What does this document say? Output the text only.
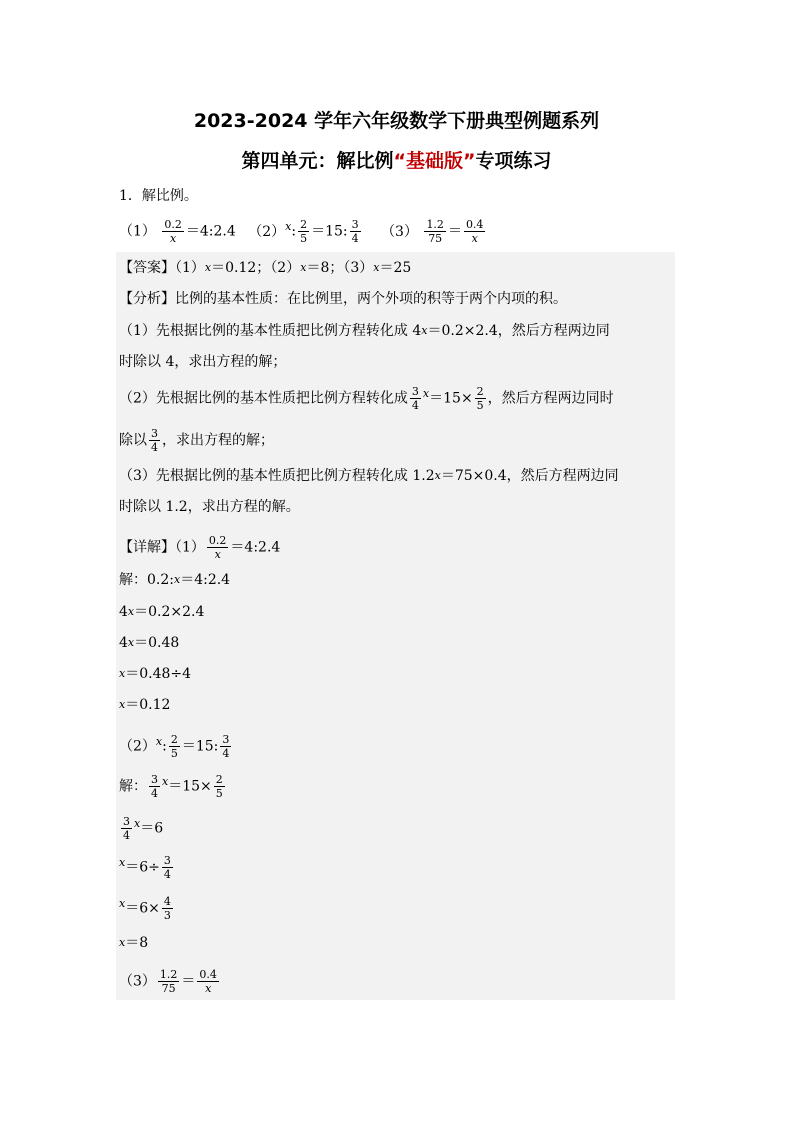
2023-2024 学年六年级数学下册典型例题系列
第四单元：解比例“基础版”专项练习
1．解比例。
$(1) \frac{0.2}{x}$ ＝4:2.4 $(2)^x$: $\frac{2}{5} =15$: $\frac{3}{4} (3) \frac{1.2}{75} = \frac{0.4}{x}$
【答案】$(1)^x=0.12$；$(2)^x=8$；$(3)^x=25$
【分析】比例的基本性质：在比例里，两个外项的积等于两个内项的积。
（1）先根据比例的基本性质把比例方程转化成 $4^x=0.2\times 2.4$，然后方程两边同
时除以 4，求出方程的解；
（2）先根据比例的基本性质把比例方程转化成 $\frac{3}{4} ^x=15\times \frac{2}{5}$ ，然后方程两边同时
除以 $\frac{3}{4}$ ，求出方程的解；
（3）先根据比例的基本性质把比例方程转化成 $1.2^x=75\times 0.4$，然后方程两边同
时除以 1.2，求出方程的解。
【详解】$(1) \frac{0.2}{x}$ ＝4:2.4
解：0.2:$^x$＝4:2.4
$4^x=0.2\times 2.4$
$4^x=0.48$
$^x$＝0.48÷4
$^x$＝0.12
$(2)^x$: $\frac{2}{5} =15$: $\frac{3}{4}$
解： $\frac{3}{4} ^x=15\times \frac{2}{5}$
$\frac{3}{4} ^x=6$
$^x=6\div \frac{3}{4}$
$^x=6\times \frac{4}{3}$
$^x$＝8
$(3) \frac{1.2}{75} = \frac{0.4}{x}$
